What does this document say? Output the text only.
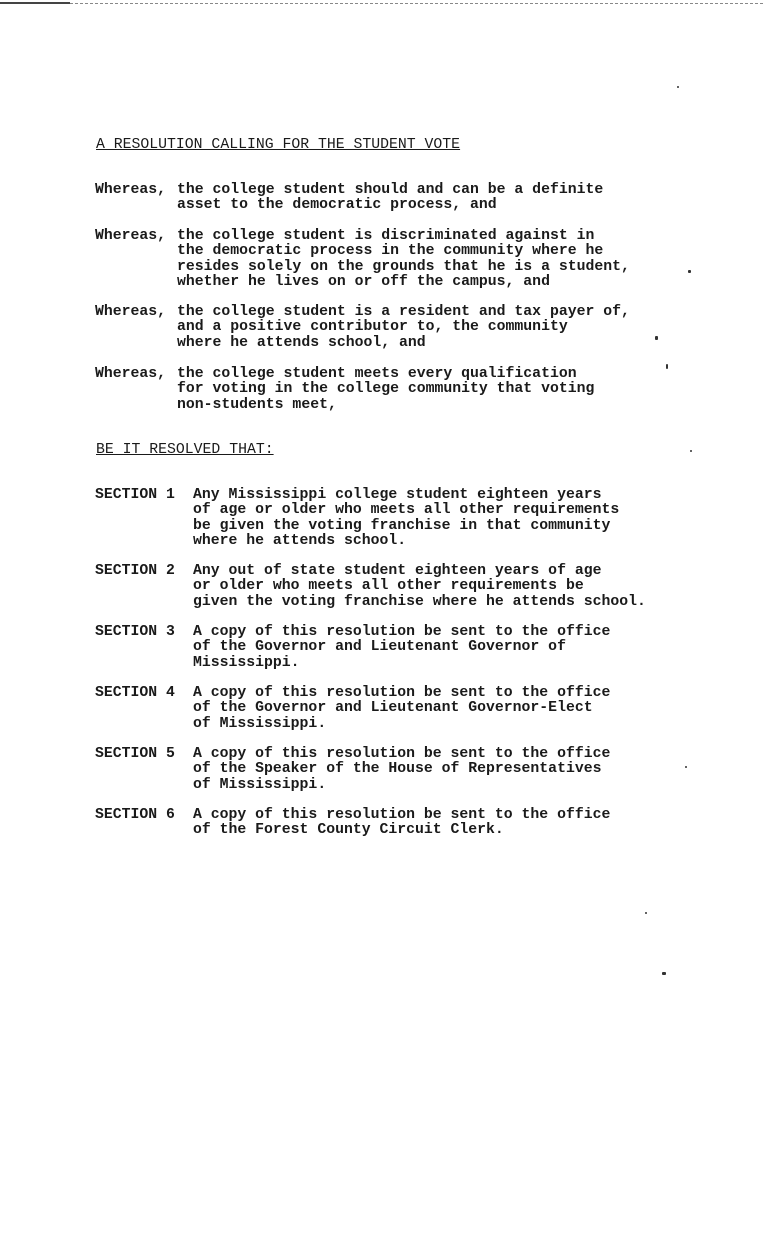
A RESOLUTION CALLING FOR THE STUDENT VOTE
Whereas, the college student should and can be a definite
asset to the democratic process, and
Whereas, the college student is discriminated against in
the democratic process in the community where he
resides solely on the grounds that he is a student,
whether he lives on or off the campus, and
Whereas, the college student is a resident and tax payer of,
and a positive contributor to, the community
where he attends school, and
Whereas, the college student meets every qualification
for voting in the college community that voting
non-students meet,
BE IT RESOLVED THAT:
SECTION 1	Any Mississippi college student eighteen years
of age or older who meets all other requirements
be given the voting franchise in that community
where he attends school.
SECTION 2	Any out of state student eighteen years of age
or older who meets all other requirements be
given the voting franchise where he attends school.
SECTION 3	A copy of this resolution be sent to the office
of the Governor and Lieutenant Governor of
Mississippi.
SECTION 4	A copy of this resolution be sent to the office
of the Governor and Lieutenant Governor-Elect
of Mississippi.
SECTION 5	A copy of this resolution be sent to the office
of the Speaker of the House of Representatives
of Mississippi.
SECTION 6	A copy of this resolution be sent to the office
of the Forest County Circuit Clerk.
